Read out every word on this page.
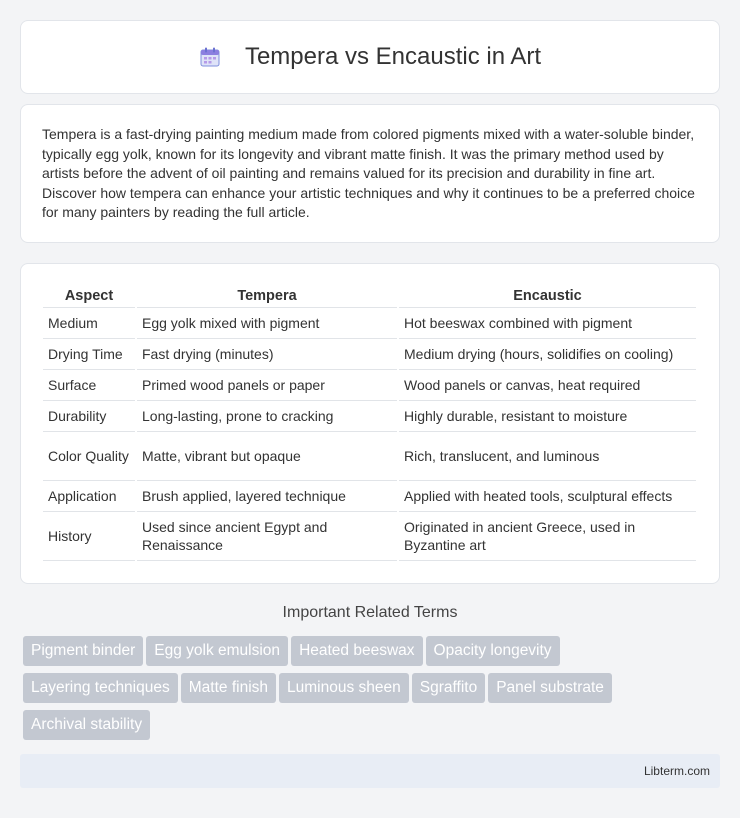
Tempera vs Encaustic in Art

Tempera is a fast-drying painting medium made from colored pigments mixed with a water-soluble binder, typically egg yolk, known for its longevity and vibrant matte finish. It was the primary method used by artists before the advent of oil painting and remains valued for its precision and durability in fine art. Discover how tempera can enhance your artistic techniques and why it continues to be a preferred choice for many painters by reading the full article.

Aspect	Tempera	Encaustic
Medium	Egg yolk mixed with pigment	Hot beeswax combined with pigment
Drying Time	Fast drying (minutes)	Medium drying (hours, solidifies on cooling)
Surface	Primed wood panels or paper	Wood panels or canvas, heat required
Durability	Long-lasting, prone to cracking	Highly durable, resistant to moisture
Color Quality	Matte, vibrant but opaque	Rich, translucent, and luminous
Application	Brush applied, layered technique	Applied with heated tools, sculptural effects
History	Used since ancient Egypt and Renaissance	Originated in ancient Greece, used in Byzantine art
Important Related Terms
Pigment binder Egg yolk emulsion Heated beeswax Opacity longevity
Layering techniques Matte finish Luminous sheen Sgraffito Panel substrate
Archival stability
Libterm.com
